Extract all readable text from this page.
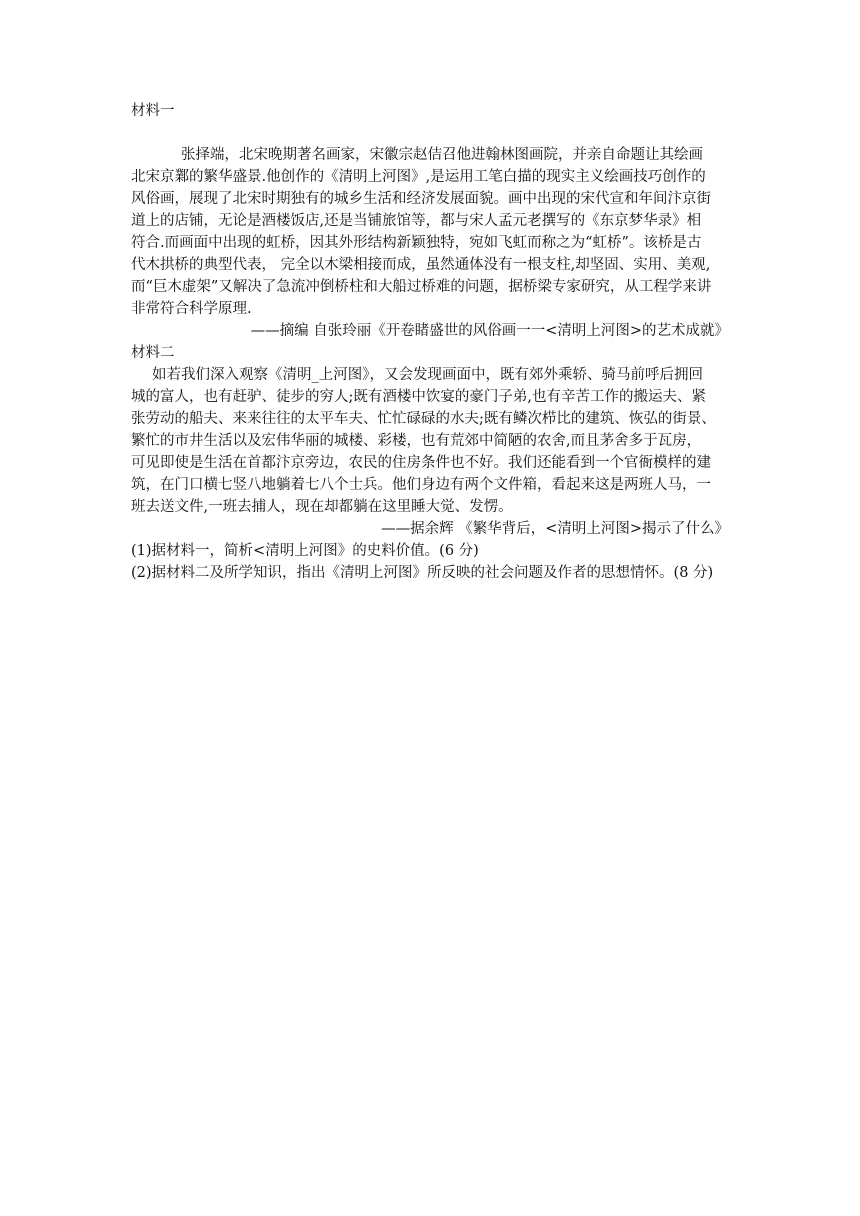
材料一
张择端，北宋晚期著名画家，宋徽宗赵佶召他进翰林图画院，并亲自命题让其绘画
北宋京鄴的繁华盛景.他创作的《清明上河图》,是运用工笔白描的现实主义绘画技巧创作的
风俗画，展现了北宋时期独有的城乡生活和经济发展面貌。画中出现的宋代宣和年间汴京街
道上的店铺，无论是酒楼饭店,还是当铺旅馆等，都与宋人孟元老撰写的《东京梦华录》相
符合.而画面中出现的虹桥，因其外形结构新颖独特，宛如飞虹而称之为“虹桥”。该桥是古
代木拱桥的典型代表， 完全以木梁相接而成，虽然通体没有一根支柱,却坚固、实用、美观,
而“巨木虚架”又解决了急流冲倒桥柱和大船过桥难的问题，据桥梁专家研究，从工程学来讲
非常符合科学原理.
——摘编 自张玲丽《开卷睹盛世的风俗画一一<清明上河图>的艺术成就》
材料二
如若我们深入观察《清明_上河图》，又会发现画面中，既有郊外乘轿、骑马前呼后拥回
城的富人，也有赶驴、徒步的穷人;既有酒楼中饮宴的豪门子弟,也有辛苦工作的搬运夫、紧
张劳动的船夫、来来往往的太平车夫、忙忙碌碌的水夫;既有鳞次栉比的建筑、恢弘的街景、
繁忙的市井生活以及宏伟华丽的城楼、彩楼，也有荒郊中简陋的农舍,而且茅舍多于瓦房，
可见即使是生活在首都汴京旁边，农民的住房条件也不好。我们还能看到一个官衙模样的建
筑，在门口横七竖八地躺着七八个士兵。他们身边有两个文件箱，看起来这是两班人马，一
班去送文件,一班去捕人，现在却都躺在这里睡大觉、发愣。
——据余辉 《繁华背后，<清明上河图>揭示了什么》
(1)据材料一，简析<清明上河图》的史料价值。(6 分)
(2)据材料二及所学知识，指出《清明上河图》所反映的社会问题及作者的思想情怀。(8 分)
